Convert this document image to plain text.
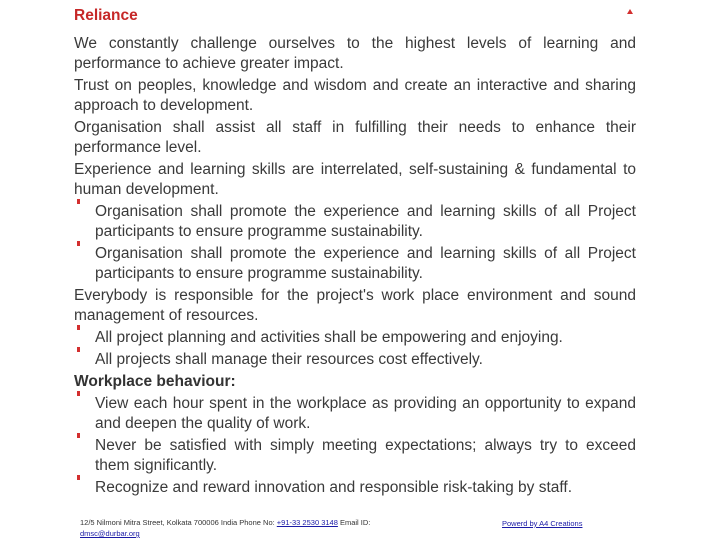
Reliance

We constantly challenge ourselves to the highest levels of learning and performance to achieve greater impact.

Trust on peoples, knowledge and wisdom and create an interactive and sharing approach to development.

Organisation shall assist all staff in fulfilling their needs to enhance their performance level.

Experience and learning skills are interrelated, self-sustaining & fundamental to human development.

Organisation shall promote the experience and learning skills of all Project participants to ensure programme sustainability.
Organisation shall promote the experience and learning skills of all Project participants to ensure programme sustainability.

Everybody is responsible for the project's work place environment and sound management of resources.

All project planning and activities shall be empowering and enjoying.
All projects shall manage their resources cost effectively.
Workplace behaviour:
View each hour spent in the workplace as providing an opportunity to expand and deepen the quality of work.
Never be satisfied with simply meeting expectations; always try to exceed them significantly.
Recognize and reward innovation and responsible risk-taking by staff.
12/5 Nilmoni Mitra Street, Kolkata 700006 India Phone No: +91-33 2530 3148 Email ID:
dmsc@durbar.org
Powerd by A4 Creations
